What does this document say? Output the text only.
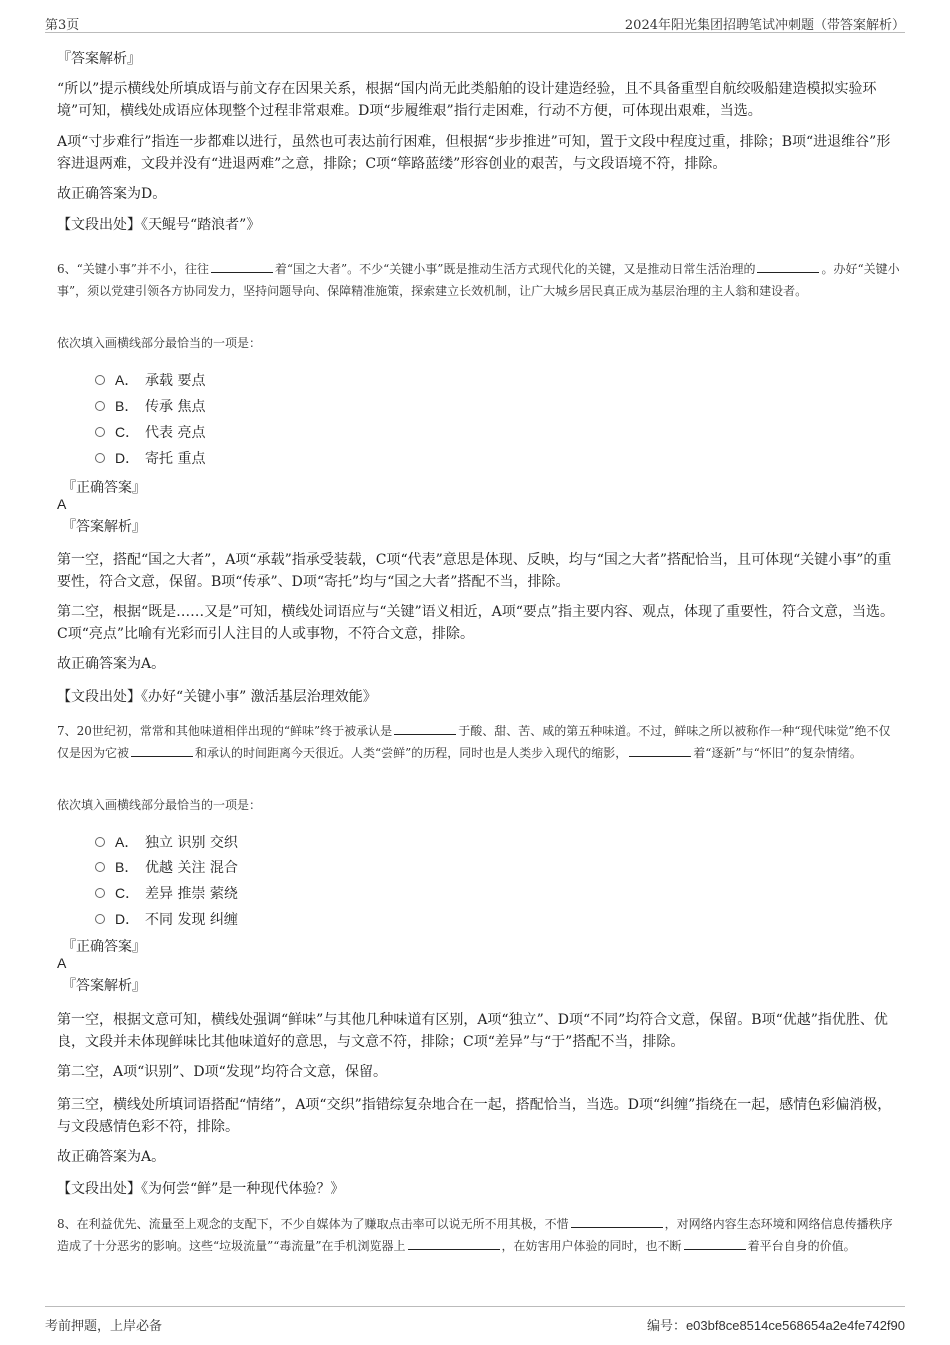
第3页	2024年阳光集团招聘笔试冲刺题（带答案解析）

『答案解析』

“所以”提示横线处所填成语与前文存在因果关系，根据“国内尚无此类船舶的设计建造经验，且不具备重型自航绞吸船建造模拟实验环境”可知，横线处成语应体现整个过程非常艰难。D项“步履维艰”指行走困难，行动不方便，可体现出艰难，当选。

A项“寸步难行”指连一步都难以进行，虽然也可表达前行困难，但根据“步步推进”可知，置于文段中程度过重，排除；B项“进退维谷”形容进退两难，文段并没有“进退两难”之意，排除；C项“筚路蓝缕”形容创业的艰苦，与文段语境不符，排除。

故正确答案为D。

【文段出处】《天鲲号“踏浪者”》

6、“关键小事”并不小，往往	着“国之大者”。不少“关键小事”既是推动生活方式现代化的关键，又是推动日常生活治理的	。办好“关键小事”，须以党建引领各方协同发力，坚持问题导向、保障精准施策，探索建立长效机制，让广大城乡居民真正成为基层治理的主人翁和建设者。

依次填入画横线部分最恰当的一项是：
A． 承载 要点
B． 传承 焦点
C． 代表 亮点
D． 寄托 重点
『正确答案』
A
『答案解析』

第一空，搭配“国之大者”，A项“承载”指承受装载，C项“代表”意思是体现、反映，均与“国之大者”搭配恰当，且可体现“关键小事”的重要性，符合文意，保留。B项“传承”、D项“寄托”均与“国之大者”搭配不当，排除。

第二空，根据“既是……又是”可知，横线处词语应与“关键”语义相近，A项“要点”指主要内容、观点，体现了重要性，符合文意，当选。C项“亮点”比喻有光彩而引人注目的人或事物，不符合文意，排除。

故正确答案为A。

【文段出处】《办好“关键小事” 激活基层治理效能》

7、20世纪初，常常和其他味道相伴出现的“鲜味”终于被承认是	于酸、甜、苦、咸的第五种味道。不过，鲜味之所以被称作一种“现代味觉”绝不仅仅是因为它被	和承认的时间距离今天很近。人类“尝鲜”的历程，同时也是人类步入现代的缩影，	着“逐新”与“怀旧”的复杂情绪。

依次填入画横线部分最恰当的一项是：
A． 独立 识别 交织
B． 优越 关注 混合
C． 差异 推崇 萦绕
D． 不同 发现 纠缠
『正确答案』
A
『答案解析』

第一空，根据文意可知，横线处强调“鲜味”与其他几种味道有区别，A项“独立”、D项“不同”均符合文意，保留。B项“优越”指优胜、优良，文段并未体现鲜味比其他味道好的意思，与文意不符，排除；C项“差异”与“于”搭配不当，排除。

第二空，A项“识别”、D项“发现”均符合文意，保留。

第三空，横线处所填词语搭配“情绪”，A项“交织”指错综复杂地合在一起，搭配恰当，当选。D项“纠缠”指绕在一起，感情色彩偏消极，与文段感情色彩不符，排除。

故正确答案为A。

【文段出处】《为何尝“鲜”是一种现代体验？》

8、在利益优先、流量至上观念的支配下，不少自媒体为了赚取点击率可以说无所不用其极，不惜	，对网络内容生态环境和网络信息传播秩序造成了十分恶劣的影响。这些“垃圾流量”“毒流量”在手机浏览器上	，在妨害用户体验的同时，也不断	着平台自身的价值。

考前押题，上岸必备	编号：e03bf8ce8514ce568654a2e4fe742f90
